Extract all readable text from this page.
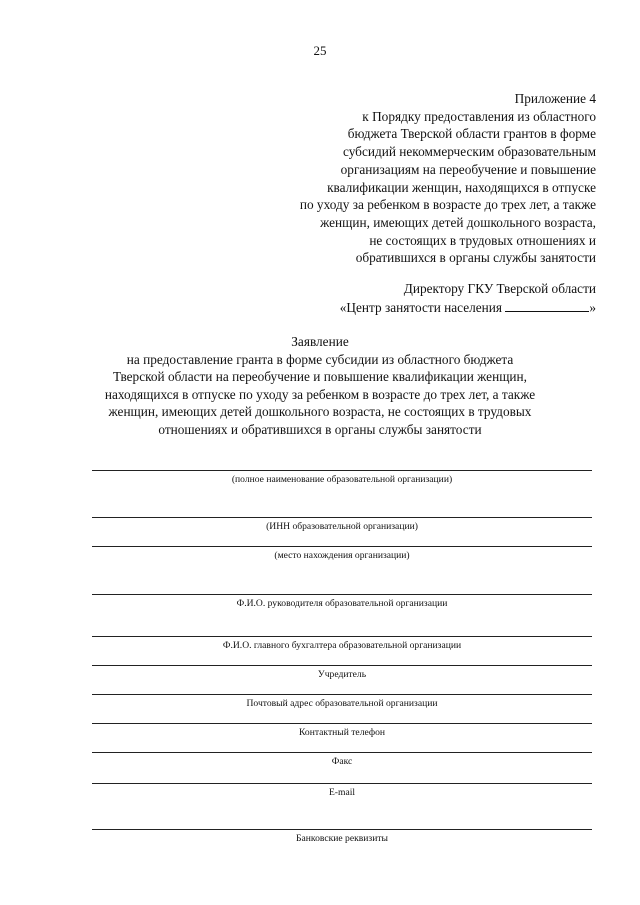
25
Приложение 4
к Порядку предоставления из областного
бюджета Тверской области грантов в форме
субсидий некоммерческим образовательным
организациям на переобучение и повышение
квалификации женщин, находящихся в отпуске
по уходу за ребенком в возрасте до трех лет, а также
женщин, имеющих детей дошкольного возраста,
не состоящих в трудовых отношениях и
обратившихся в органы службы занятости
Директору ГКУ Тверской области
«Центр занятости населения	»
Заявление
на предоставление гранта в форме субсидии из областного бюджета
Тверской области на переобучение и повышение квалификации женщин,
находящихся в отпуске по уходу за ребенком в возрасте до трех лет, а также
женщин, имеющих детей дошкольного возраста, не состоящих в трудовых
отношениях и обратившихся в органы службы занятости
(полное наименование образовательной организации)
(ИНН образовательной организации)
(место нахождения организации)
Ф.И.О. руководителя образовательной организации
Ф.И.О. главного бухгалтера образовательной организации
Учредитель
Почтовый адрес образовательной организации
Контактный телефон
Факс
E-mail
Банковские реквизиты
